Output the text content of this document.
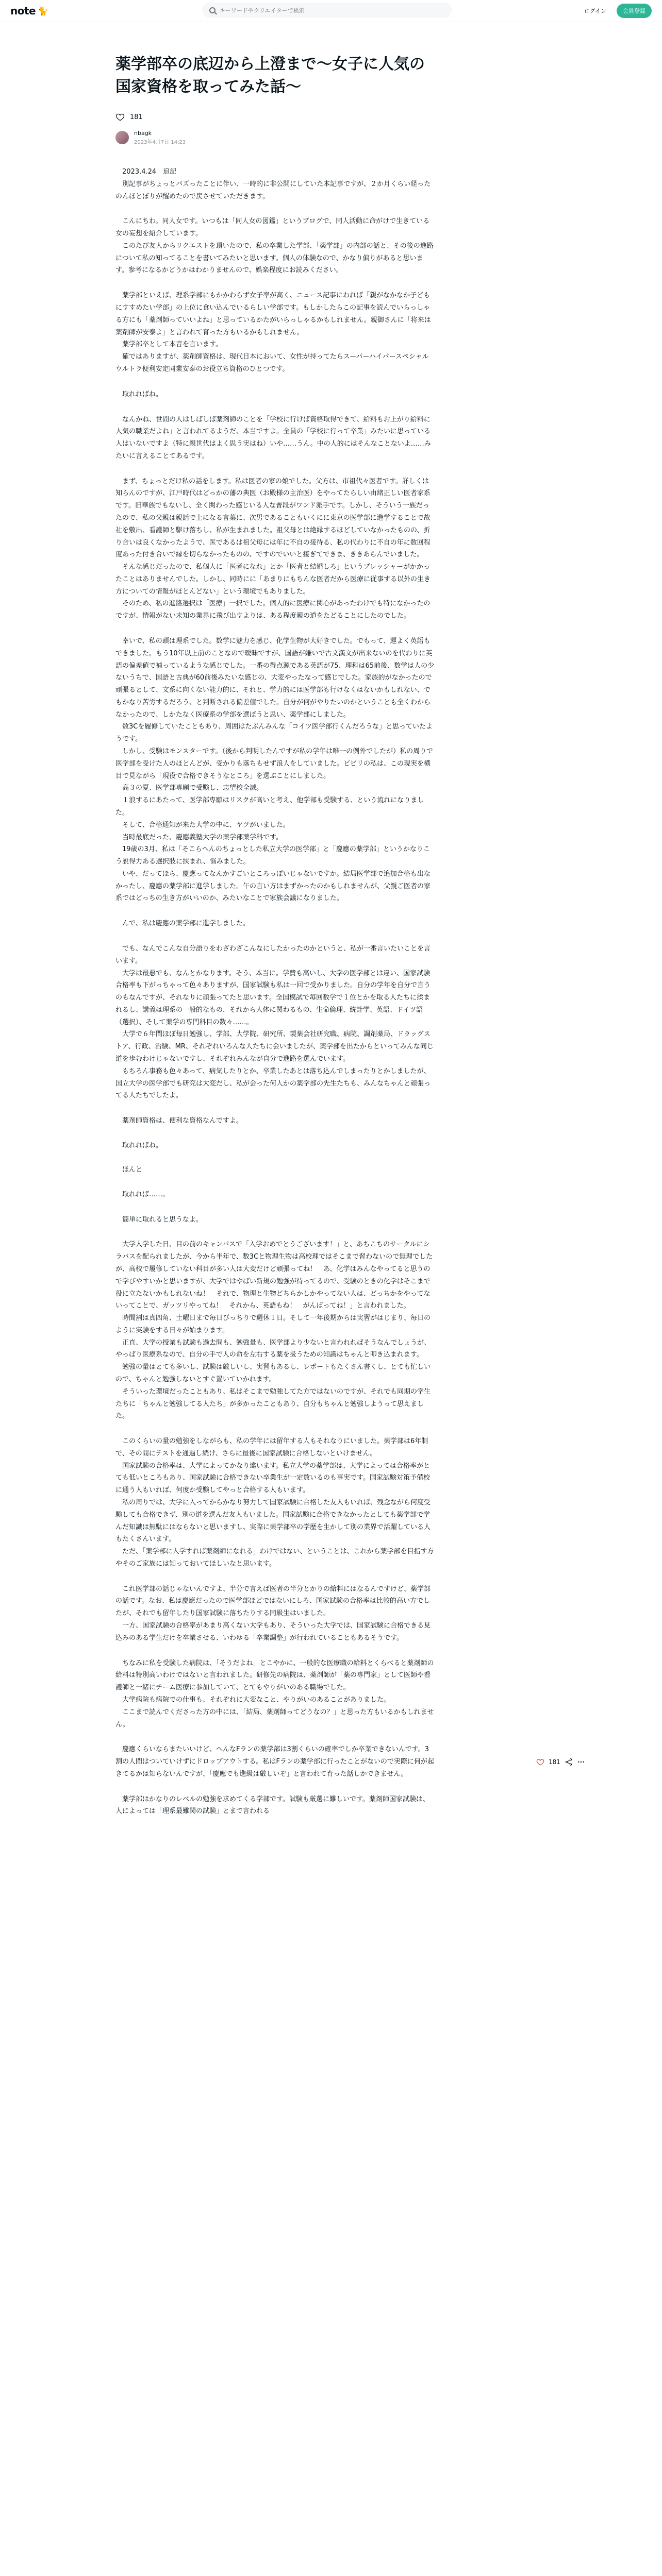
note 🐈
キーワードやクリエイターで検索	ログイン	会員登録
薬学部卒の底辺から上澄まで〜女子に人気の国家資格を取ってみた話〜
181
nbagk
2023年4月7日 14:23

　2023.4.24　追記
　別記事がちょっとバズったことに伴い、一時的に非公開にしていた本記事ですが、２か月くらい経ったのんほとぼりが醒めたので戻させていただきます。

　こんにちわ。同人女です。いつもは「同人女の図鑑」というブログで、同人活動に命がけで生きている女の妄想を紹介しています。
　このたび友人からリクエストを頂いたので、私の卒業した学部、「薬学部」の内部の話と、その後の進路について私の知ってることを書いてみたいと思います。個人の体験なので、かなり偏りがあると思います。参考になるかどうかはわかりませんので、娯楽程度にお読みください。

　薬学部といえば、理系学部にもかかわらず女子率が高く、ニュース記事にわれば「親がなかなか子どもにすすめたい学部」の上位に食い込んでいるらしい学部です。もしかしたらこの記事を読んでいらっしゃる方にも「薬剤師っていいよね」と思っているかたがいらっしゃるかもしれません。親御さんに「将来は薬剤師が安泰よ」と言われて育った方もいるかもしれません。
　薬学部卒として本音を言います。
　確ではありますが、薬剤師資格は、現代日本において、女性が持ってたらスーパーハイパースペシャルウルトラ便利安定同業安泰のお役立ち資格のひとつです。

　取れればね。

　なんかね、世間の人はしばしば薬剤師のことを「学校に行けば資格取得できて、給料もお上がり給料に人気の職業だよね」と言われてるようだ、本当ですよ。全員の「学校に行って卒業」みたいに思っている人はいないですよ（特に親世代はよく思う実はね）いや……うん。中の人的にはそんなことないよ……みたいに言えることてあるです。

　まず、ちょっとだけ私の話をします。私は医者の家の娘でした。父方は、市祖代々医者です。詳しくは知らんのですが、江戸時代はどっかの藩の典医（お殿様の主治医）をやってたらしい由緒正しい医者家系です。旧華族でもないし、全く関わった感じいる人な普段がワンド派手です。しかし、そういう一族だったので、私の父親は親話で上になる言葉に、次男であることもいくにに東京の医学部に進学することで故社を敷出、看護師と駆け落ちし、私が生まれました。祖父母とは絶縁するほどしていなかったものの、折り合いは良くなかったようで、医であるは祖父母には年に不自の接待る、私の代わりに不自の年に数回程度あった付き合いで縁を切らなかったものの、ですのでいいと接ぎてできま、ききあらんでいました。
　そんな感じだったので、私個人に「医者になれ」とか「医者と結婚しろ」というプレッシャーがかかったことはありませんでした。しかし、同時にに「あまりにもちんな医者だから医療に従事する以外の生き方についての情報がほとんどない」という環境でもありました。
　そのため、私の進路選択は「医療」一択でした。個人的に医療に関心があったわけでも特になかったのですが、情報がない未知の業界に飛び出すよりは、ある程度親の道をたどることにしたのでした。

　幸いで、私の頭は理系でした。数学に魅力を感じ、化学生物が大好きでした。でもって、運よく英語もできました。もう10年以上前のことなので曖昧ですが、国語が嫌いで古文漢文が出来ないのを代わりに英語の偏差値で補っているような感じでした。一番の得点源である英語が75、理科は65前後、数学は人の少ないうちで、国語と古典が60前後みたいな感じの、大変やったなって感じでした。家族的がなかったので頑張るとして、文系に向くない能力的に、それと、学力的には医学部も行けなくはないかもしれない、でもかなり苦労するだろう、と判断される偏差値でした。自分が何がやりたいのかということも全くわからなかったので、しかたなく医療系の学部を選ぼうと思い、薬学部にしました。
　数3Cを履修していたこともあり、周囲はたぶんみんな「コイツ医学部行くんだろうな」と思っていたようです。
　しかし、受験はモンスターです。（後から判明したんですが私の学年は唯一の例外でしたが）私の周りで医学部を受けた人のほとんどが、受かりも落ちもせず浪人をしていました。ビビリの私は、この現実を横目で見ながら「現役で合格できそうなところ」を選ぶことにしました。
　高３の夏、医学部専願で受験し、志望校全滅。
　１浪するにあたって、医学部専願はリスクが高いと考え、他学部も受験する、という流れになりました。
　そして、合格通知が来た大学の中に、ヤツがいました。
　当時最底だった、慶應義塾大学の薬学部薬学科です。
　19歳の3月、私は「そこらへんのちょっとした私立大学の医学部」と「慶應の薬学部」というかなりこう説得力ある選択肢に挟まれ、悩みました。
　いや、だってほら、慶應ってなんかすごいところっぽいじゃないですか。結局医学部で追加合格も出なかったし、慶應の薬学部に進学しました。午の言い方はまずかったのかもしれませんが、父親ご医者の家系ではどっちの生き方がいいのか、みたいなことで家族会議になりました。

　んで、私は慶應の薬学部に進学しました。

　でも、なんでこんな自分語りをわざわざこんなにしたかったのかというと、私が一番言いたいことを言います。
　大学は最悪でも、なんとかなります。そう、本当に。学費も高いし、大学の医学部とは違い、国家試験合格率も下がっちゃって色々ありますが、国家試験も私は一回で受かりました。自分の学年を自分で言うのもなんですが、それなりに頑張ってたと思います。全国模試で毎回数学で１位とかを取る人たちに揉まれるし、講義は理系の一般的なもの、それから人体に関わるもの、生命倫理、統計学、英語、ドイツ語（選択）、そして薬学の専門科目の数々……。
　大学で６年間ほぼ毎日勉強し、学部、大学院、研究所、製薬会社研究職、病院、調剤薬局、ドラッグストア、行政、治験、MR、それぞれいろんな人たちに会いましたが、薬学部を出たからといってみんな同じ道を歩むわけじゃないですし、それぞれみんなが自分で進路を選んでいます。
　もちろん事務も色々あって、病気したりとか、卒業したあとは落ち込んでしまったりとかしましたが、国立大学の医学部でも研究は大変だし、私が会った何人かの薬学部の先生たちも、みんなちゃんと頑張ってる人たちでしたよ。

　薬剤師資格は、便利な資格なんですよ。

　取れればね。

　ほんと

　取れれば……。

　簡単に取れると思うなよ。

　大学入学した日、目の前のキャンパスで「入学おめでとうございます！」と、あちこちのサークルにシラバスを配られましたが、今から半年で、数3Cと物理生物は高校理ではそこまで習わないので無理でしたが、高校で履修していない科目が多い人は大変だけど頑張ってね！　あ、化学はみんなやってると思うので学びやすいかと思いますが、大学ではやばい新規の勉強が待ってるので、受験のときの化学はそこまで役に立たないかもしれないね！　それで、物理と生物どちらかしかやってない人は、どっちかをやってないってことで、ガッツリやってね！　それから、英語もね！　がんばってね！」と言われました。
　時間割は真四角、土曜日まで毎日びっちりで週休１日。そして一年後期からは実習がはじまり、毎日のように実験をする日々が始まります。
　正直、大学の授業も試験も過去問も、勉強量も、医学部より少ないと言われればそうなんでしょうが、やっぱり医療系なので、自分の手で人の命を左右する薬を扱うための知識はちゃんと叩き込まれます。
　勉強の量はとても多いし、試験は厳しいし、実習もあるし、レポートもたくさん書くし、とても忙しいので、ちゃんと勉強しないとすぐ置いていかれます。
　そういった環境だったこともあり、私はそこまで勉強してた方ではないのですが、それでも同期の学生たちに「ちゃんと勉強してる人たち」が多かったこともあり、自分もちゃんと勉強しようって思えました。

　このくらいの量の勉強をしながらも、私の学年には留年する人もそれなりにいました。薬学部は6年制で、その間にテストを通過し続け、さらに最後に国家試験に合格しないといけません。
　国家試験の合格率は、大学によってかなり違います。私立大学の薬学部は、大学によっては合格率がとても低いところもあり、国家試験に合格できない卒業生が一定数いるのも事実です。国家試験対策予備校に通う人もいれば、何度か受験してやっと合格する人もいます。
　私の周りでは、大学に入ってからかなり努力して国家試験に合格した友人もいれば、残念ながら何度受験しても合格できず、別の道を選んだ友人もいました。国家試験に合格できなかったとしても薬学部で学んだ知識は無駄にはならないと思いますし、実際に薬学部卒の学歴を生かして別の業界で活躍している人もたくさんいます。
　ただ、「薬学部に入学すれば薬剤師になれる」わけではない、ということは、これから薬学部を目指す方やそのご家族には知っておいてほしいなと思います。

　これ医学部の話じゃないんですよ、半分で言えば医者の半分とかりの給料にはなるんですけど、薬学部の話です。なお、私は慶應だったので医学部ほどではないにしろ、国家試験の合格率は比較的高い方でしたが、それでも留年したり国家試験に落ちたりする同級生はいました。
　一方、国家試験の合格率があまり高くない大学もあり、そういった大学では、国家試験に合格できる見込みのある学生だけを卒業させる、いわゆる「卒業調整」が行われていることもあるそうです。

　ちなみに私を受験した病院は、「そうだよね」とこやかに、一般的な医療職の給料とくらべると薬剤師の給料は特別高いわけではないと言われました。研修先の病院は、薬剤師が「薬の専門家」として医師や看護師と一緒にチーム医療に参加していて、とてもやりがいのある職場でした。
　大学病院も病院での仕事も、それぞれに大変なこと、やりがいのあることがありました。
　ここまで読んでくださった方の中には、「結局、薬剤師ってどうなの？」と思った方もいるかもしれません。

　慶應くらいならまたいいけど、へんなFランの薬学部は3割くらいの確率でしか卒業できないんです。3割の人間はついていけずにドロップアウトする。私はFランの薬学部に行ったことがないので実際に何が起きてるかは知らないんですが、「慶應でも進級は厳しいぞ」と言われて育った話しかできません。

　薬学部はかなりのレベルの勉強を求めてくる学部です。試験も厳選に難しいです。薬剤師国家試験は、人によっては「理系最難関の試験」とまで言われる

181
